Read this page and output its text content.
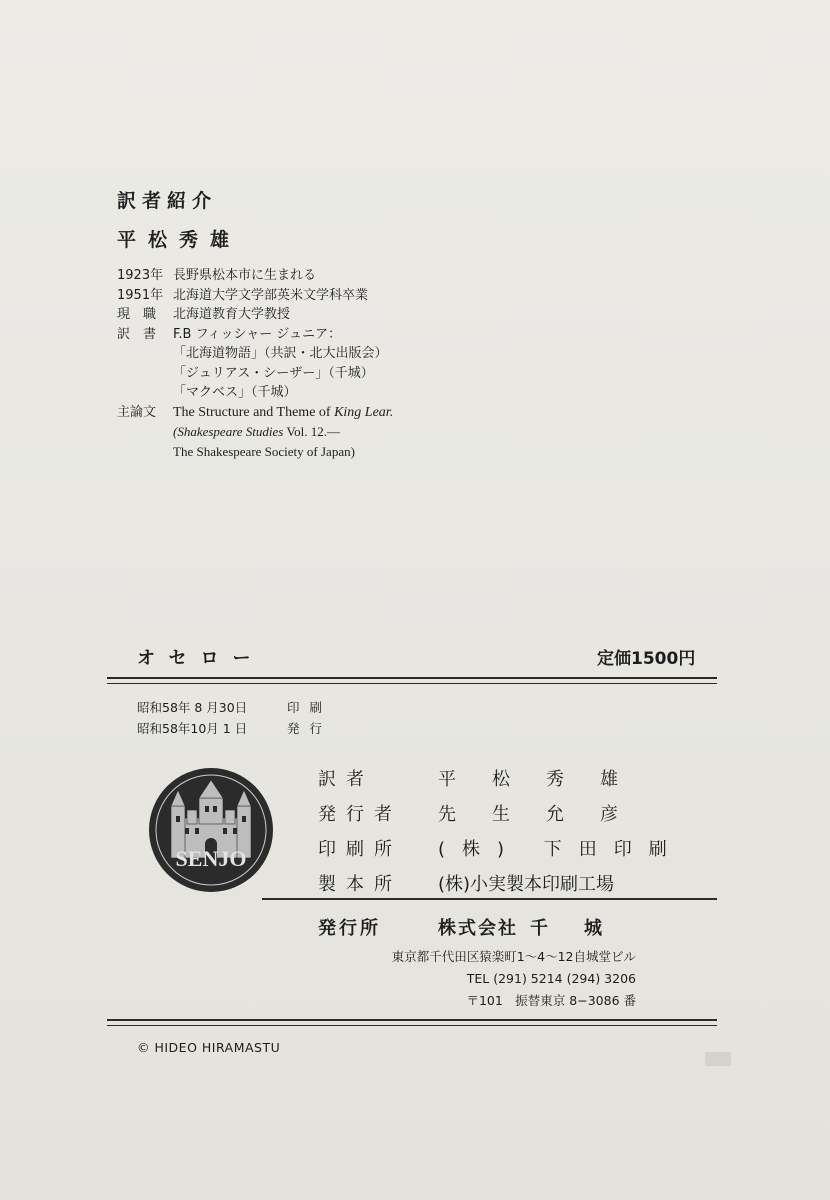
訳者紹介
平松秀雄
1923年 長野県松本市に生まれる
1951年 北海道大学文学部英米文学科卒業
現　職	北海道教育大学教授
訳　書	F.B フィッシャー ジュニア：
「北海道物語」（共訳・北大出版会）
「ジュリアス・シーザー」（千城）
「マクベス」（千城）
主論文	The Structure and Theme of King Lear.
(Shakespeare Studies Vol. 12.—
The Shakespeare Society of Japan)
オセロー	定価1500円
昭和58年 8 月30日	印刷
昭和58年10月 1 日	発行
SENJO
訳者	平松秀雄
発行者	先生允彦
印刷所	(株) 下田印刷
製本所	(株)小実製本印刷工場
発行所	株式会社 千城
東京都千代田区猿楽町1〜4〜12自城堂ビル
TEL (291) 5214 (294) 3206
〒101　振替東京 8−3086 番
© HIDEO HIRAMASTU
